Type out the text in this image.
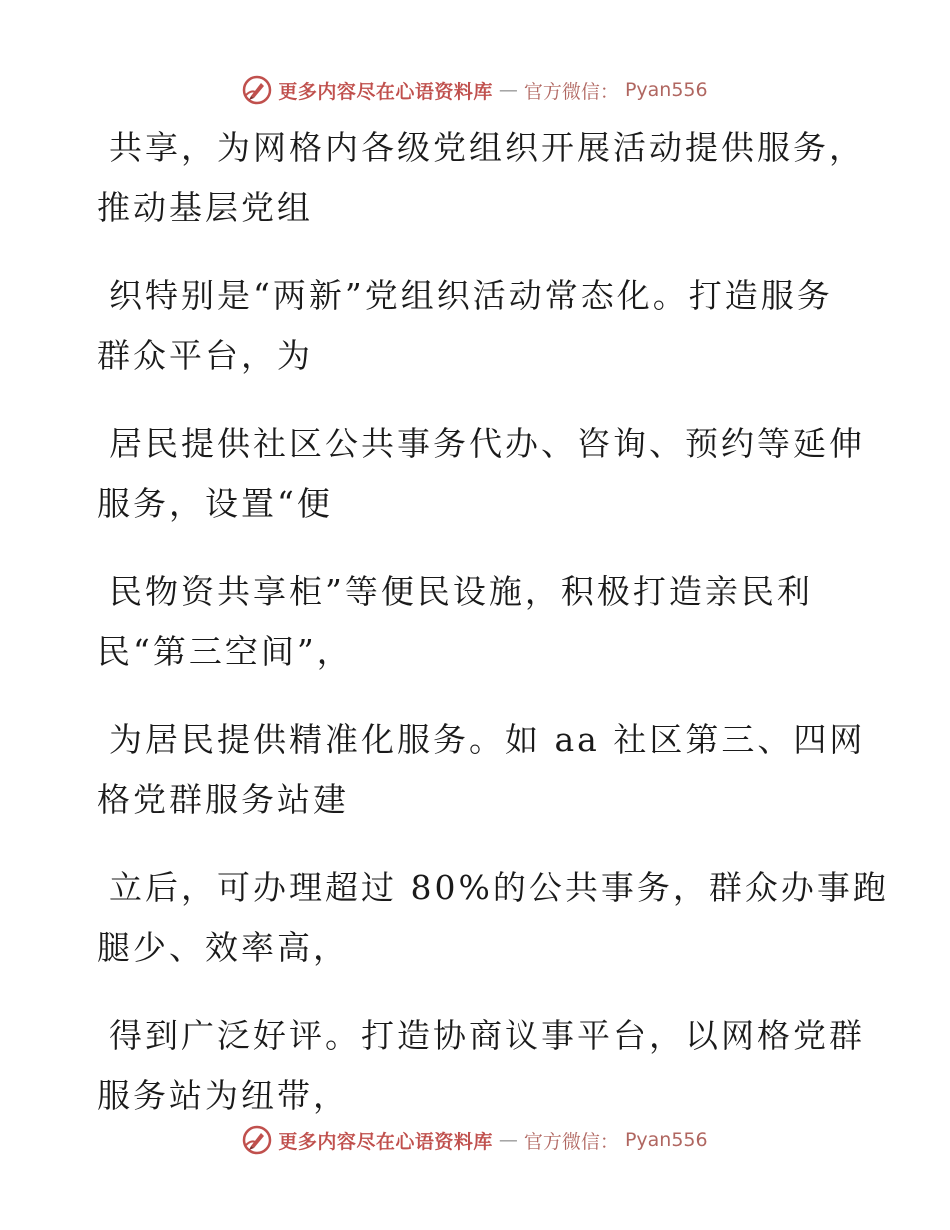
更多内容尽在心语资料库 — 官方微信： Pyan556
共享，为网格内各级党组织开展活动提供服务，
推动基层党组
织特别是“两新”党组织活动常态化。打造服务
群众平台，为
居民提供社区公共事务代办、咨询、预约等延伸
服务，设置“便
民物资共享柜”等便民设施，积极打造亲民利
民“第三空间”，
为居民提供精准化服务。如 aa 社区第三、四网
格党群服务站建
立后，可办理超过 80%的公共事务，群众办事跑
腿少、效率高，
得到广泛好评。打造协商议事平台，以网格党群
服务站为纽带，
更多内容尽在心语资料库 — 官方微信： Pyan556
